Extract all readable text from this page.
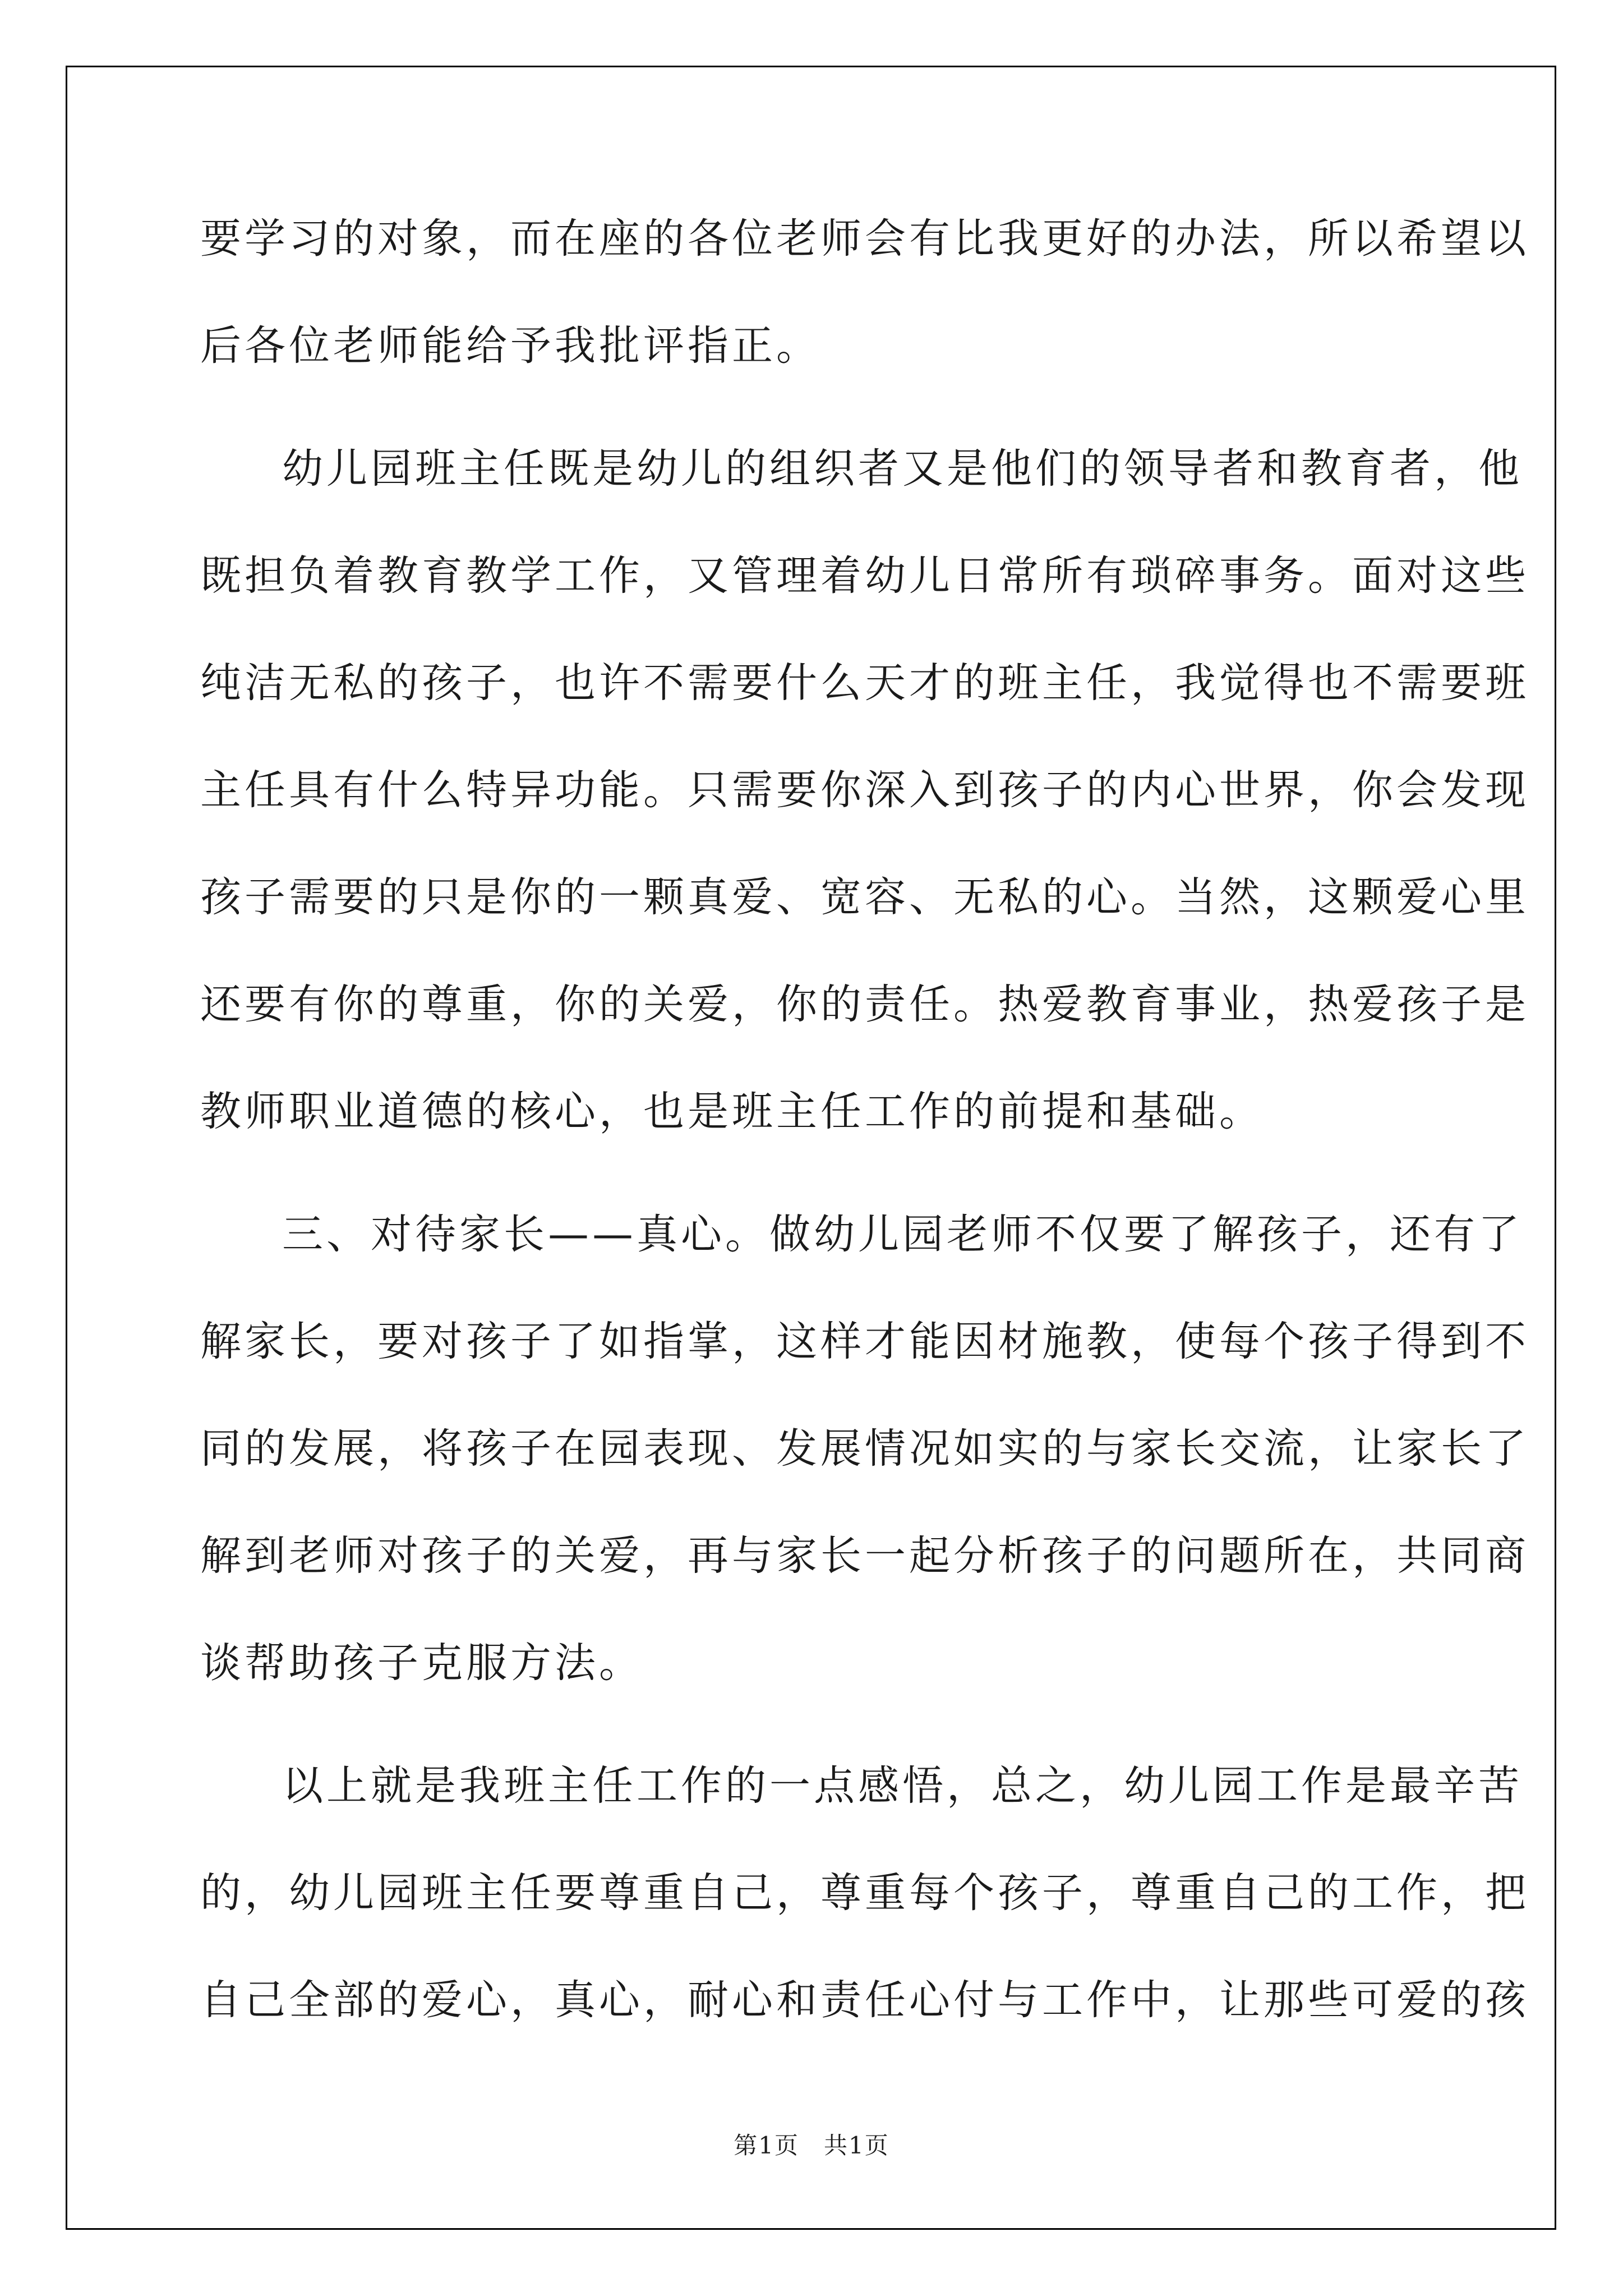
要学习的对象，而在座的各位老师会有比我更好的办法，所以希望以
后各位老师能给予我批评指正。
幼儿园班主任既是幼儿的组织者又是他们的领导者和教育者，他
既担负着教育教学工作，又管理着幼儿日常所有琐碎事务。面对这些
纯洁无私的孩子，也许不需要什么天才的班主任，我觉得也不需要班
主任具有什么特异功能。只需要你深入到孩子的内心世界，你会发现
孩子需要的只是你的一颗真爱、宽容、无私的心。当然，这颗爱心里
还要有你的尊重，你的关爱，你的责任。热爱教育事业，热爱孩子是
教师职业道德的核心，也是班主任工作的前提和基础。
三、对待家长——真心。做幼儿园老师不仅要了解孩子，还有了
解家长，要对孩子了如指掌，这样才能因材施教，使每个孩子得到不
同的发展，将孩子在园表现、发展情况如实的与家长交流，让家长了
解到老师对孩子的关爱，再与家长一起分析孩子的问题所在，共同商
谈帮助孩子克服方法。
以上就是我班主任工作的一点感悟，总之，幼儿园工作是最辛苦
的，幼儿园班主任要尊重自己，尊重每个孩子，尊重自己的工作，把
自己全部的爱心，真心，耐心和责任心付与工作中，让那些可爱的孩
第1页　共1页
